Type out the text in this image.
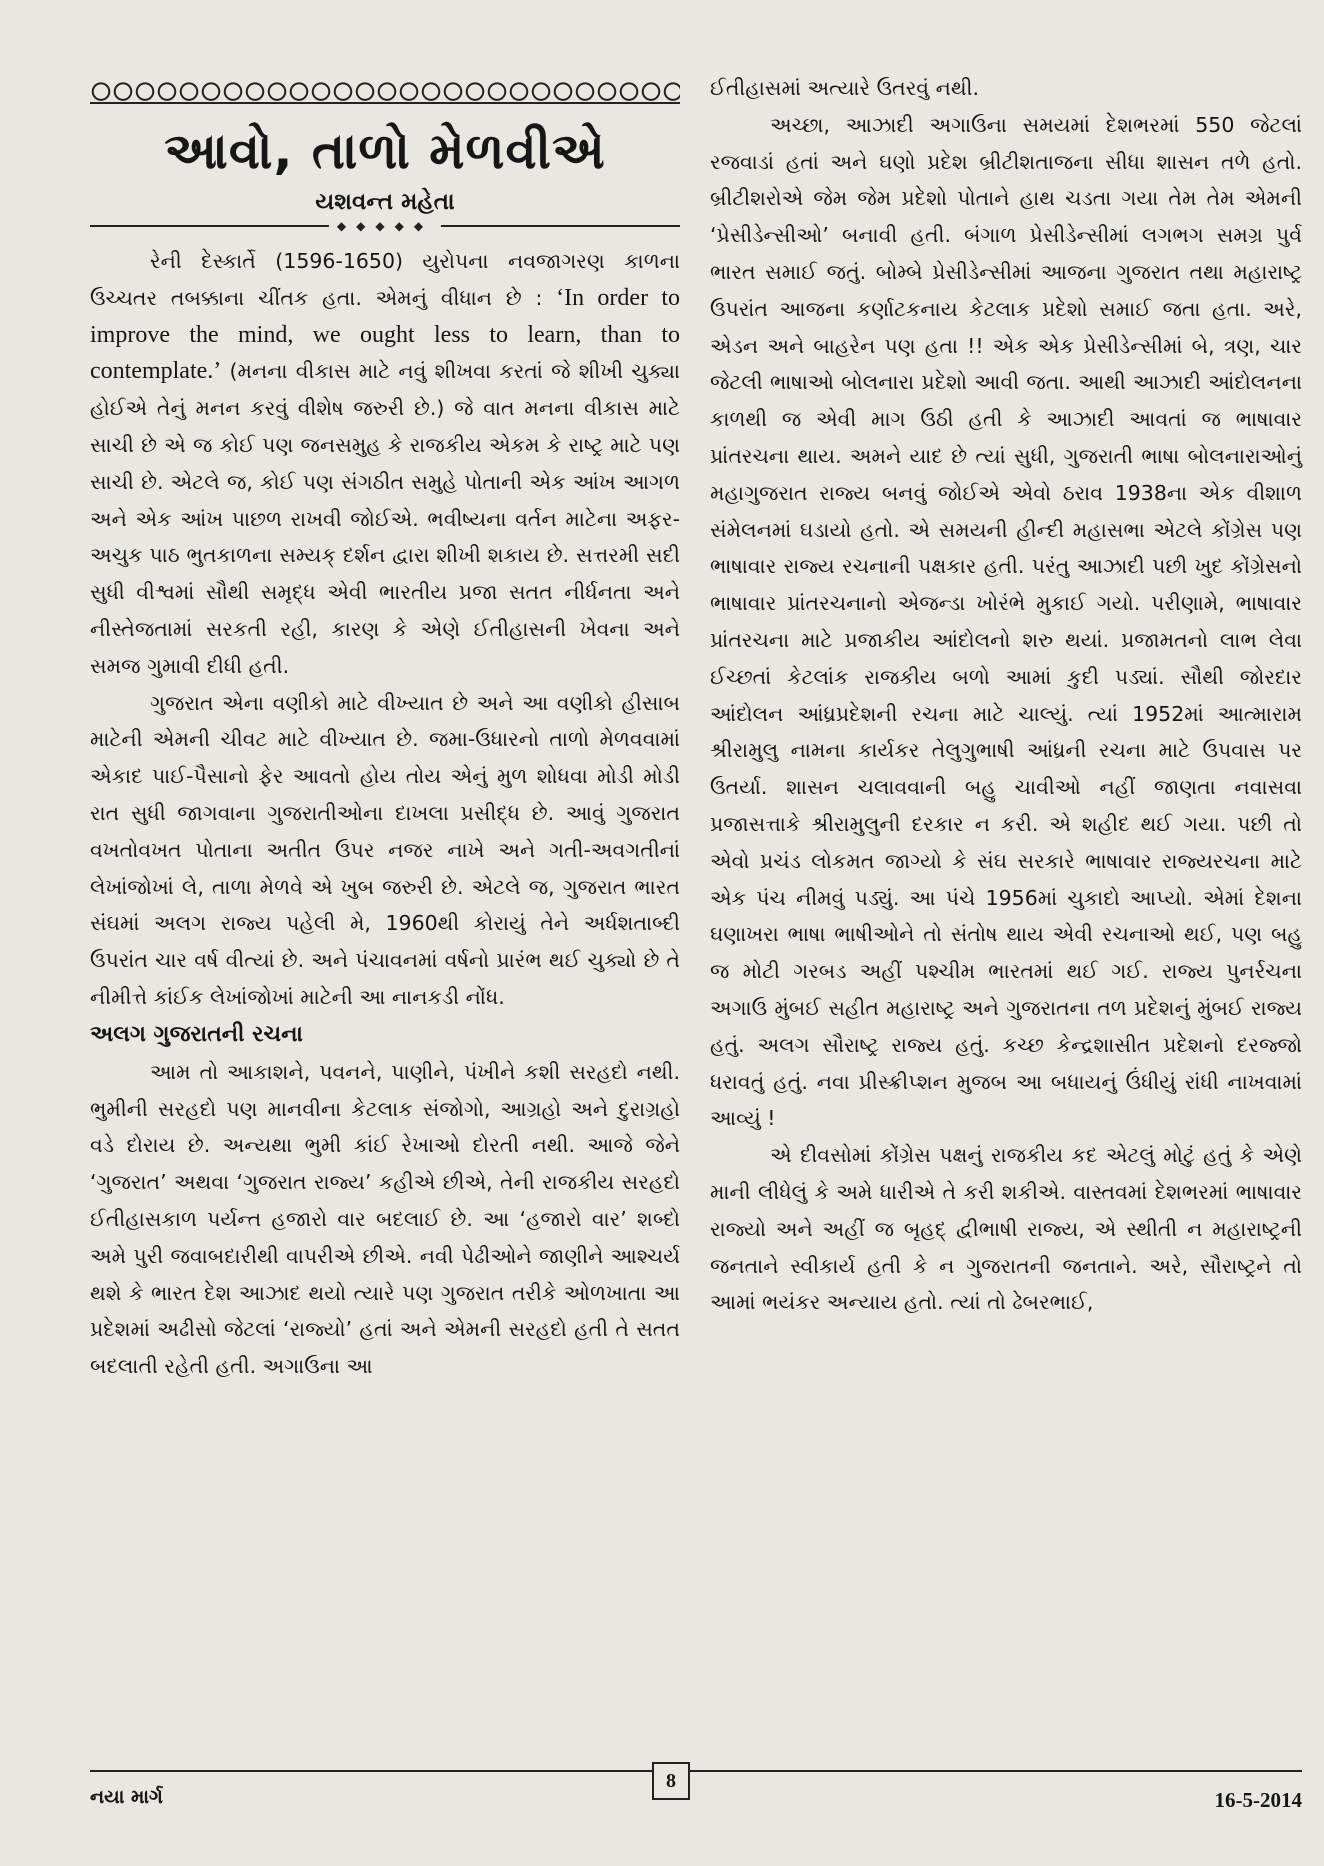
આવો, તાળો મેળવીએ
યશવન્ત મહેતા
◆◆◆◆◆

રેની દેસ્કાર્તે (1596-1650) યુરોપના નવજાગરણ કાળના ઉચ્ચતર તબક્કાના ચીંતક હતા. એમનું વીધાન છે : ‘In order to improve the mind, we ought less to learn, than to contemplate.’ (મનના વીકાસ માટે નવું શીખવા કરતાં જે શીખી ચુક્યા હોઈએ તેનું મનન કરવું વીશેષ જરુરી છે.) જે વાત મનના વીકાસ માટે સાચી છે એ જ કોઈ પણ જનસમુહ કે રાજકીય એકમ કે રાષ્ટ્ર માટે પણ સાચી છે. એટલે જ, કોઈ પણ સંગઠીત સમુહે પોતાની એક આંખ આગળ અને એક આંખ પાછળ રાખવી જોઈએ. ભવીષ્યના વર્તન માટેના અફર-અચુક પાઠ ભુતકાળના સમ્યક્ દર્શન દ્વારા શીખી શકાય છે. સત્તરમી સદી સુધી વીશ્વમાં સૌથી સમૃદ્ધ એવી ભારતીય પ્રજા સતત નીર્ધનતા અને નીસ્તેજતામાં સરકતી રહી, કારણ કે એણે ઈતીહાસની ખેવના અને સમજ ગુમાવી દીધી હતી.

ગુજરાત એના વણીકો માટે વીખ્યાત છે અને આ વણીકો હીસાબ માટેની એમની ચીવટ માટે વીખ્યાત છે. જમા-ઉધારનો તાળો મેળવવામાં એકાદ પાઈ-પૈસાનો ફેર આવતો હોય તોય એનું મુળ શોધવા મોડી મોડી રાત સુધી જાગવાના ગુજરાતીઓના દાખલા પ્રસીદ્ધ છે. આવું ગુજરાત વખતોવખત પોતાના અતીત ઉપર નજર નાખે અને ગતી-અવગતીનાં લેખાંજોખાં લે, તાળા મેળવે એ ખુબ જરુરી છે. એટલે જ, ગુજરાત ભારત સંઘમાં અલગ રાજ્ય પહેલી મે, 1960થી કોરાયું તેને અર્ધશતાબ્દી ઉપરાંત ચાર વર્ષ વીત્યાં છે. અને પંચાવનમાં વર્ષનો પ્રારંભ થઈ ચુક્યો છે તે નીમીત્તે કાંઈક લેખાંજોખાં માટેની આ નાનકડી નોંધ.

અલગ ગુજરાતની રચના

આમ તો આકાશને, પવનને, પાણીને, પંખીને કશી સરહદો નથી. ભુમીની સરહદો પણ માનવીના કેટલાક સંજોગો, આગ્રહો અને દુરાગ્રહો વડે દોરાય છે. અન્યથા ભુમી કાંઈ રેખાઓ દોરતી નથી. આજે જેને ‘ગુજરાત’ અથવા ‘ગુજરાત રાજ્ય’ કહીએ છીએ, તેની રાજકીય સરહદો ઈતીહાસકાળ પર્યન્ત હજારો વાર બદલાઈ છે. આ ‘હજારો વાર’ શબ્દો અમે પુરી જવાબદારીથી વાપરીએ છીએ. નવી પેઢીઓને જાણીને આશ્ચર્ય થશે કે ભારત દેશ આઝાદ થયો ત્યારે પણ ગુજરાત તરીકે ઓળખાતા આ પ્રદેશમાં અઢીસો જેટલાં ‘રાજ્યો’ હતાં અને એમની સરહદો હતી તે સતત બદલાતી રહેતી હતી. અગાઉના આ

ઈતીહાસમાં અત્યારે ઉતરવું નથી.

અચ્છા, આઝાદી અગાઉના સમયમાં દેશભરમાં 550 જેટલાં રજવાડાં હતાં અને ઘણો પ્રદેશ બ્રીટીશતાજના સીધા શાસન તળે હતો. બ્રીટીશરોએ જેમ જેમ પ્રદેશો પોતાને હાથ ચડતા ગયા તેમ તેમ એમની ‘પ્રેસીડેન્સીઓ’ બનાવી હતી. બંગાળ પ્રેસીડેન્સીમાં લગભગ સમગ્ર પુર્વ ભારત સમાઈ જતું. બોમ્બે પ્રેસીડેન્સીમાં આજના ગુજરાત તથા મહારાષ્ટ્ર ઉપરાંત આજના કર્ણાટકનાય કેટલાક પ્રદેશો સમાઈ જતા હતા. અરે, એડન અને બાહરેન પણ હતા !! એક એક પ્રેસીડેન્સીમાં બે, ત્રણ, ચાર જેટલી ભાષાઓ બોલનારા પ્રદેશો આવી જતા. આથી આઝાદી આંદોલનના કાળથી જ એવી માગ ઉઠી હતી કે આઝાદી આવતાં જ ભાષાવાર પ્રાંતરચના થાય. અમને યાદ છે ત્યાં સુધી, ગુજરાતી ભાષા બોલનારાઓનું મહાગુજરાત રાજ્ય બનવું જોઈએ એવો ઠરાવ 1938ના એક વીશાળ સંમેલનમાં ઘડાયો હતો. એ સમયની હીન્દી મહાસભા એટલે કોંગ્રેસ પણ ભાષાવાર રાજ્ય રચનાની પક્ષકાર હતી. પરંતુ આઝાદી પછી ખુદ કોંગ્રેસનો ભાષાવાર પ્રાંતરચનાનો એજન્ડા ખોરંભે મુકાઈ ગયો. પરીણામે, ભાષાવાર પ્રાંતરચના માટે પ્રજાકીય આંદોલનો શરુ થયાં. પ્રજામતનો લાભ લેવા ઈચ્છતાં કેટલાંક રાજકીય બળો આમાં કુદી પડ્યાં. સૌથી જોરદાર આંદોલન આંધ્રપ્રદેશની રચના માટે ચાલ્યું. ત્યાં 1952માં આત્મારામ શ્રીરામુલુ નામના કાર્યકર તેલુગુભાષી આંધ્રની રચના માટે ઉપવાસ પર ઉતર્યા. શાસન ચલાવવાની બહુ ચાવીઓ નહીં જાણતા નવાસવા પ્રજાસત્તાકે શ્રીરામુલુની દરકાર ન કરી. એ શહીદ થઈ ગયા. પછી તો એવો પ્રચંડ લોકમત જાગ્યો કે સંઘ સરકારે ભાષાવાર રાજ્યરચના માટે એક પંચ નીમવું પડ્યું. આ પંચે 1956માં ચુકાદો આપ્યો. એમાં દેશના ઘણાખરા ભાષા ભાષીઓને તો સંતોષ થાય એવી રચનાઓ થઈ, પણ બહુ જ મોટી ગરબડ અહીં પશ્ચીમ ભારતમાં થઈ ગઈ. રાજ્ય પુનર્રચના અગાઉ મુંબઈ સહીત મહારાષ્ટ્ર અને ગુજરાતના તળ પ્રદેશનું મુંબઈ રાજ્ય હતું. અલગ સૌરાષ્ટ્ર રાજ્ય હતું. કચ્છ કેન્દ્રશાસીત પ્રદેશનો દરજ્જો ધરાવતું હતું. નવા પ્રીસ્ક્રીપ્શન મુજબ આ બધાયનું ઉંધીયું રાંધી નાખવામાં આવ્યું !

એ દીવસોમાં કોંગ્રેસ પક્ષનું રાજકીય કદ એટલું મોટું હતું કે એણે માની લીધેલું કે અમે ધારીએ તે કરી શકીએ. વાસ્તવમાં દેશભરમાં ભાષાવાર રાજ્યો અને અહીં જ બૃહદ્ દ્વીભાષી રાજ્ય, એ સ્થીતી ન મહારાષ્ટ્રની જનતાને સ્વીકાર્ય હતી કે ન ગુજરાતની જનતાને. અરે, સૌરાષ્ટ્રને તો આમાં ભયંકર અન્યાય હતો. ત્યાં તો ઢેબરભાઈ,

નયા માર્ગ
8
16-5-2014
